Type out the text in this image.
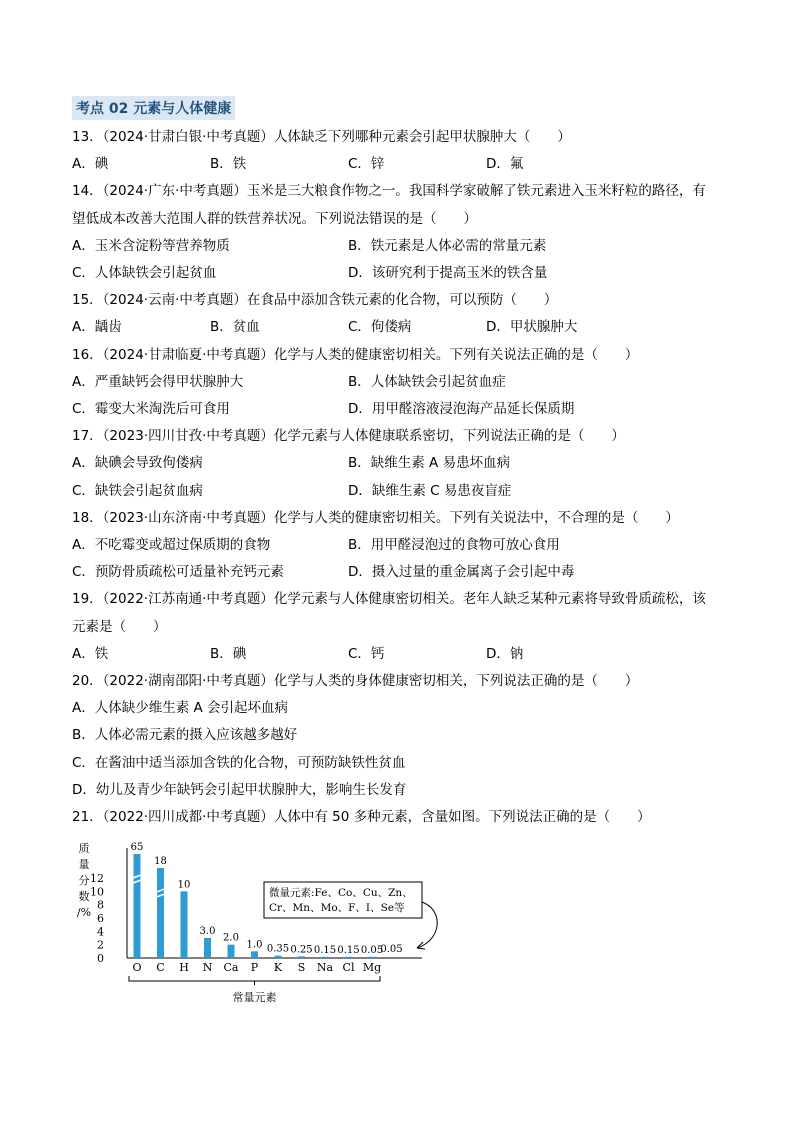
考点 02 元素与人体健康
13．（2024·甘肃白银·中考真题）人体缺乏下列哪种元素会引起甲状腺肿大（　　）
A．碘	B．铁	C．锌	D．氟
14．（2024·广东·中考真题）玉米是三大粮食作物之一。我国科学家破解了铁元素进入玉米籽粒的路径，有
望低成本改善大范围人群的铁营养状况。下列说法错误的是（　　）
A．玉米含淀粉等营养物质	B．铁元素是人体必需的常量元素
C．人体缺铁会引起贫血	D．该研究利于提高玉米的铁含量
15．（2024·云南·中考真题）在食品中添加含铁元素的化合物，可以预防（　　）
A．龋齿	B．贫血	C．佝偻病	D．甲状腺肿大
16．（2024·甘肃临夏·中考真题）化学与人类的健康密切相关。下列有关说法正确的是（　　）
A．严重缺钙会得甲状腺肿大	B．人体缺铁会引起贫血症
C．霉变大米淘洗后可食用	D．用甲醛溶液浸泡海产品延长保质期
17．（2023·四川甘孜·中考真题）化学元素与人体健康联系密切，下列说法正确的是（　　）
A．缺碘会导致佝偻病	B．缺维生素 A 易患坏血病
C．缺铁会引起贫血病	D．缺维生素 C 易患夜盲症
18．（2023·山东济南·中考真题）化学与人类的健康密切相关。下列有关说法中，不合理的是（　　）
A．不吃霉变或超过保质期的食物	B．用甲醛浸泡过的食物可放心食用
C．预防骨质疏松可适量补充钙元素	D．摄入过量的重金属离子会引起中毒
19．（2022·江苏南通·中考真题）化学元素与人体健康密切相关。老年人缺乏某种元素将导致骨质疏松，该
元素是（　　）
A．铁	B．碘	C．钙	D．钠
20．（2022·湖南邵阳·中考真题）化学与人类的身体健康密切相关，下列说法正确的是（　　）
A．人体缺少维生素 A 会引起坏血病
B．人体必需元素的摄入应该越多越好
C．在酱油中适当添加含铁的化合物，可预防缺铁性贫血
D．幼儿及青少年缺钙会引起甲状腺肿大，影响生长发育
21．（2022·四川成都·中考真题）人体中有 50 多种元素，含量如图。下列说法正确的是（　　）
质
量
分
数
/%
0
2
4
6
8
10
12
O
65
C
18
H
10
N
3.0
Ca
2.0
P
1.0
K
0.35
S
0.25
Na
0.15
Cl
0.15
Mg
0.05
0.05
常量元素
微量元素:Fe、Co、Cu、Zn、
Cr、Mn、Mo、F、I、Se等
